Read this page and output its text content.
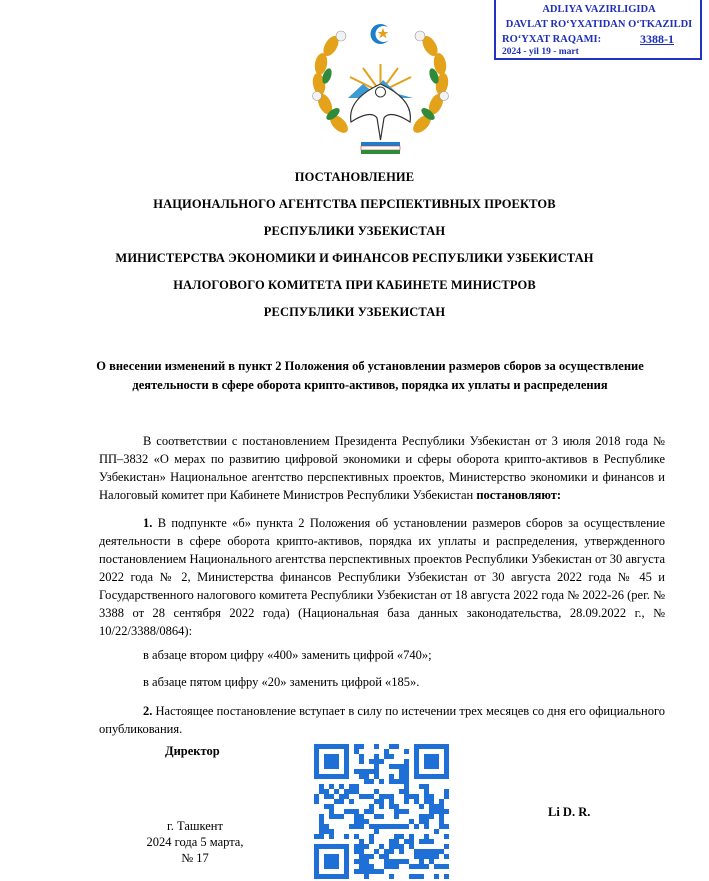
ADLIYA VAZIRLIGIDA
DAVLAT RO‘YXATIDAN O‘TKAZILDI
RO‘YXAT RAQAMI:	3388-1
2024 - yil 19 - mart
ПОСТАНОВЛЕНИЕ
НАЦИОНАЛЬНОГО АГЕНТСТВА ПЕРСПЕКТИВНЫХ ПРОЕКТОВ
РЕСПУБЛИКИ УЗБЕКИСТАН
МИНИСТЕРСТВА ЭКОНОМИКИ И ФИНАНСОВ РЕСПУБЛИКИ УЗБЕКИСТАН
НАЛОГОВОГО КОМИТЕТА ПРИ КАБИНЕТЕ МИНИСТРОВ
РЕСПУБЛИКИ УЗБЕКИСТАН
О внесении изменений в пункт 2 Положения об установлении размеров сборов за осуществление деятельности в сфере оборота крипто-активов, порядка их уплаты и распределения
В соответствии с постановлением Президента Республики Узбекистан от 3 июля 2018 года № ПП–3832 «О мерах по развитию цифровой экономики и сферы оборота крипто-активов в Республике Узбекистан» Национальное агентство перспективных проектов, Министерство экономики и финансов и Налоговый комитет при Кабинете Министров Республики Узбекистан постановляют:
1. В подпункте «б» пункта 2 Положения об установлении размеров сборов за осуществление деятельности в сфере оборота крипто-активов, порядка их уплаты и распределения, утвержденного постановлением Национального агентства перспективных проектов Республики Узбекистан от 30 августа 2022 года № 2, Министерства финансов Республики Узбекистан от 30 августа 2022 года № 45 и Государственного налогового комитета Республики Узбекистан от 18 августа 2022 года № 2022-26 (рег. № 3388 от 28 сентября 2022 года) (Национальная база данных законодательства, 28.09.2022 г., № 10/22/3388/0864):
в абзаце втором цифру «400» заменить цифрой «740»;
в абзаце пятом цифру «20» заменить цифрой «185».
2. Настоящее постановление вступает в силу по истечении трех месяцев со дня его официального опубликования.
Директор
Li D. R.
г. Ташкент
2024 года 5 марта,
№ 17
